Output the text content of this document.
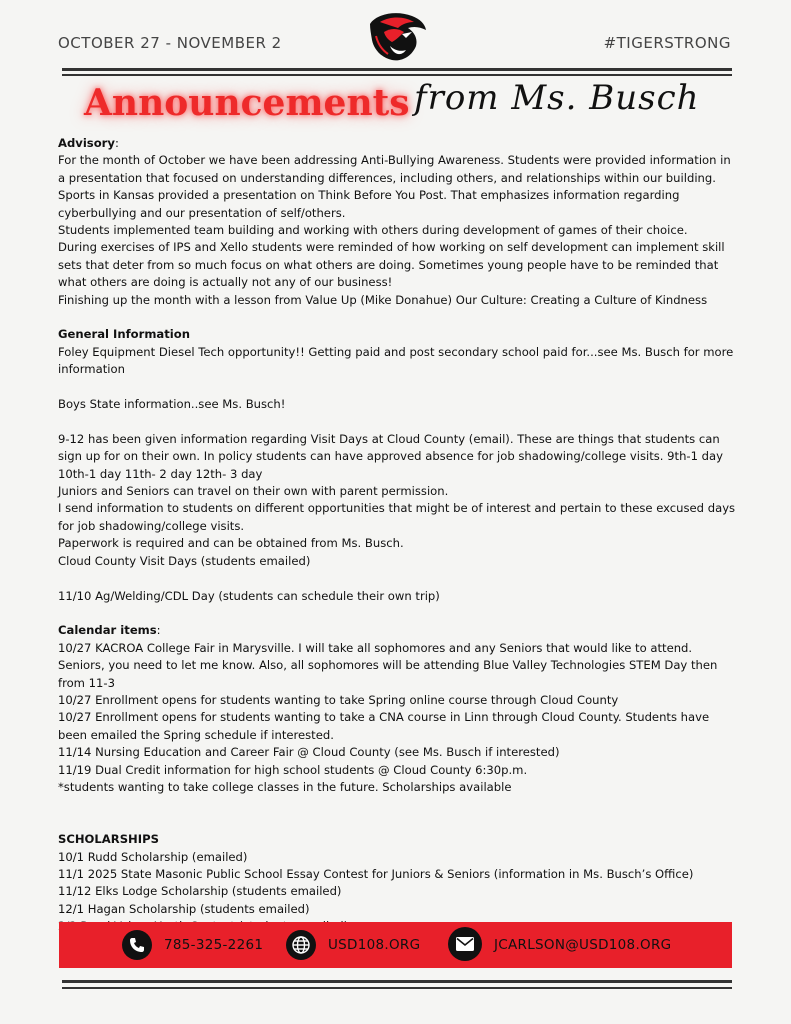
OCTOBER 27 - NOVEMBER 2	#TIGERSTRONG
Announcements from Ms. Busch

Advisory:

For the month of October we have been addressing Anti-Bullying Awareness. Students were provided information in a presentation that focused on understanding differences, including others, and relationships within our building.

Sports in Kansas provided a presentation on Think Before You Post. That emphasizes information regarding cyberbullying and our presentation of self/others.

Students implemented team building and working with others during development of games of their choice.

During exercises of IPS and Xello students were reminded of how working on self development can implement skill sets that deter from so much focus on what others are doing. Sometimes young people have to be reminded that what others are doing is actually not any of our business!

Finishing up the month with a lesson from Value Up (Mike Donahue) Our Culture: Creating a Culture of Kindness

General Information

Foley Equipment Diesel Tech opportunity!! Getting paid and post secondary school paid for...see Ms. Busch for more information

Boys State information..see Ms. Busch!

9-12 has been given information regarding Visit Days at Cloud County (email). These are things that students can sign up for on their own. In policy students can have approved absence for job shadowing/college visits. 9th-1 day 10th-1 day 11th- 2 day 12th- 3 day

Juniors and Seniors can travel on their own with parent permission.

I send information to students on different opportunities that might be of interest and pertain to these excused days for job shadowing/college visits.

Paperwork is required and can be obtained from Ms. Busch.

Cloud County Visit Days (students emailed)

11/10 Ag/Welding/CDL Day (students can schedule their own trip)

Calendar items:

10/27 KACROA College Fair in Marysville. I will take all sophomores and any Seniors that would like to attend. Seniors, you need to let me know. Also, all sophomores will be attending Blue Valley Technologies STEM Day then from 11-3

10/27 Enrollment opens for students wanting to take Spring online course through Cloud County

10/27 Enrollment opens for students wanting to take a CNA course in Linn through Cloud County. Students have been emailed the Spring schedule if interested.

11/14 Nursing Education and Career Fair @ Cloud County (see Ms. Busch if interested)

11/19 Dual Credit information for high school students @ Cloud County 6:30p.m.

*students wanting to take college classes in the future. Scholarships available

SCHOLARSHIPS

10/1 Rudd Scholarship (emailed)

11/1 2025 State Masonic Public School Essay Contest for Juniors & Seniors (information in Ms. Busch’s Office)

11/12 Elks Lodge Scholarship (students emailed)

12/1 Hagan Scholarship (students emailed)

785-325-2261	USD108.ORG	JCARLSON@USD108.ORG
